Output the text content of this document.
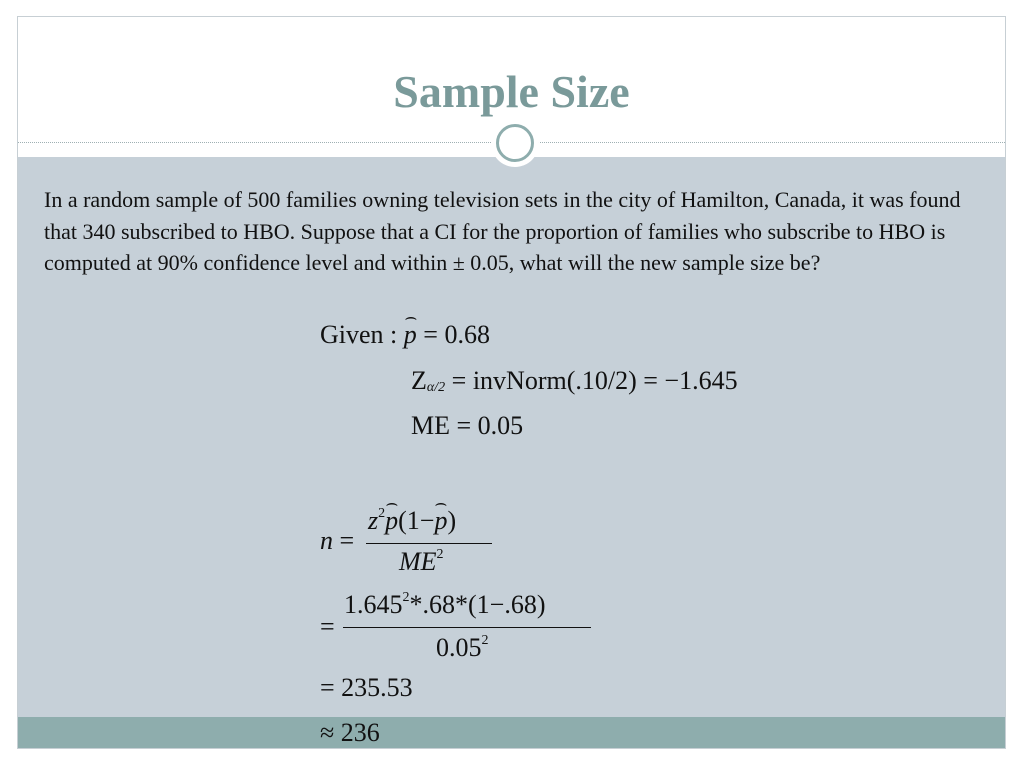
Sample Size
In a random sample of 500 families owning television sets in the city of Hamilton, Canada, it was found that 340 subscribed to HBO. Suppose that a CI for the proportion of families who subscribe to HBO is computed at 90% confidence level and within ± 0.05, what will the new sample size be?
Given : ⌢ p = 0.68
Zα/2 = invNorm(.10/2) = −1.645
ME = 0.05
n =
$z^2⌢$ p(1−⌢ p)
$ME^2$
=
$1.645^2*.68*(1-.68)$
$0.05^2$
= 235.53
≈ 236
